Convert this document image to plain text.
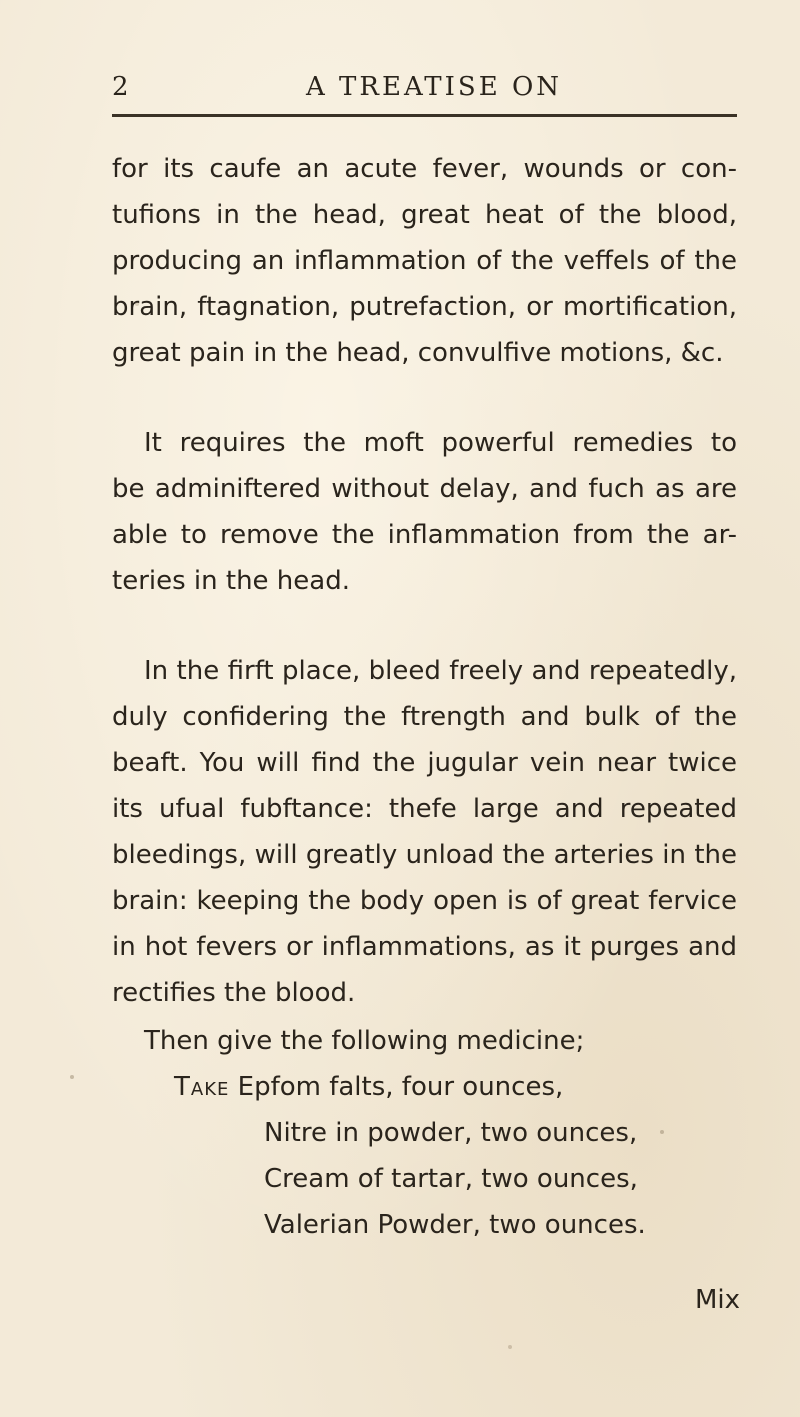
2	A TREATISE ON
for its caufe an acute fever, wounds or con-
tufions in the head, great heat of the blood,
producing an inflammation of the veffels of the
brain, ftagnation, putrefaction, or mortification,
great pain in the head, convulfive motions, &c.
It requires the moft powerful remedies to
be adminiftered without delay, and fuch as are
able to remove the inflammation from the ar-
teries in the head.
In the firft place, bleed freely and repeatedly,
duly confidering the ftrength and bulk of the
beaft. You will find the jugular vein near twice
its ufual fubftance: thefe large and repeated
bleedings, will greatly unload the arteries in the
brain: keeping the body open is of great fervice
in hot fevers or inflammations, as it purges and
rectifies the blood.
Then give the following medicine;
Take Epfom falts, four ounces,
Nitre in powder, two ounces,
Cream of tartar, two ounces,
Valerian Powder, two ounces.
Mix
